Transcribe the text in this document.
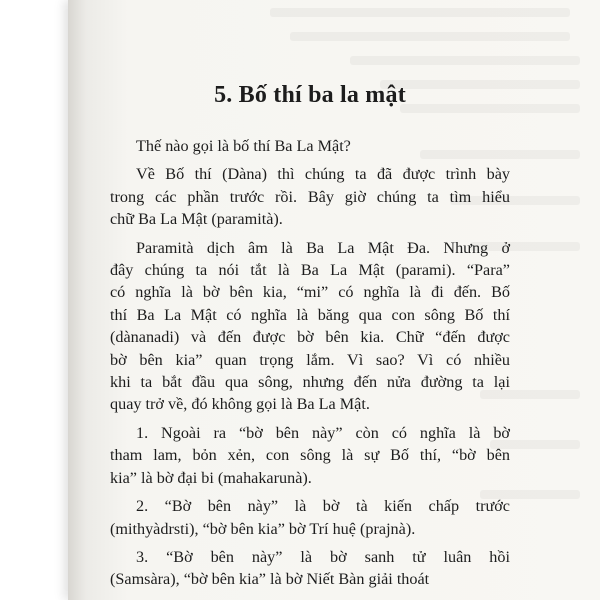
5. Bố thí ba la mật
Thế nào gọi là bố thí Ba La Mật?
Về Bố thí (Dàna) thì chúng ta đã được trình bày
trong các phần trước rồi. Bây giờ chúng ta tìm hiểu
chữ Ba La Mật (paramità).
Paramità dịch âm là Ba La Mật Đa. Nhưng ở
đây chúng ta nói tắt là Ba La Mật (parami). “Para”
có nghĩa là bờ bên kia, “mi” có nghĩa là đi đến. Bố
thí Ba La Mật có nghĩa là băng qua con sông Bố thí
(dànanadi) và đến được bờ bên kia. Chữ “đến được
bờ bên kia” quan trọng lắm. Vì sao? Vì có nhiều
khi ta bắt đầu qua sông, nhưng đến nửa đường ta lại
quay trở về, đó không gọi là Ba La Mật.
1. Ngoài ra “bờ bên này” còn có nghĩa là bờ
tham lam, bỏn xẻn, con sông là sự Bố thí, “bờ bên
kia” là bờ đại bi (mahakarunà).
2. “Bờ bên này” là bờ tà kiến chấp trước
(mithyàdrsti), “bờ bên kia” bờ Trí huệ (prajnà).
3. “Bờ bên này” là bờ sanh tử luân hồi
(Samsàra), “bờ bên kia” là bờ Niết Bàn giải thoát
